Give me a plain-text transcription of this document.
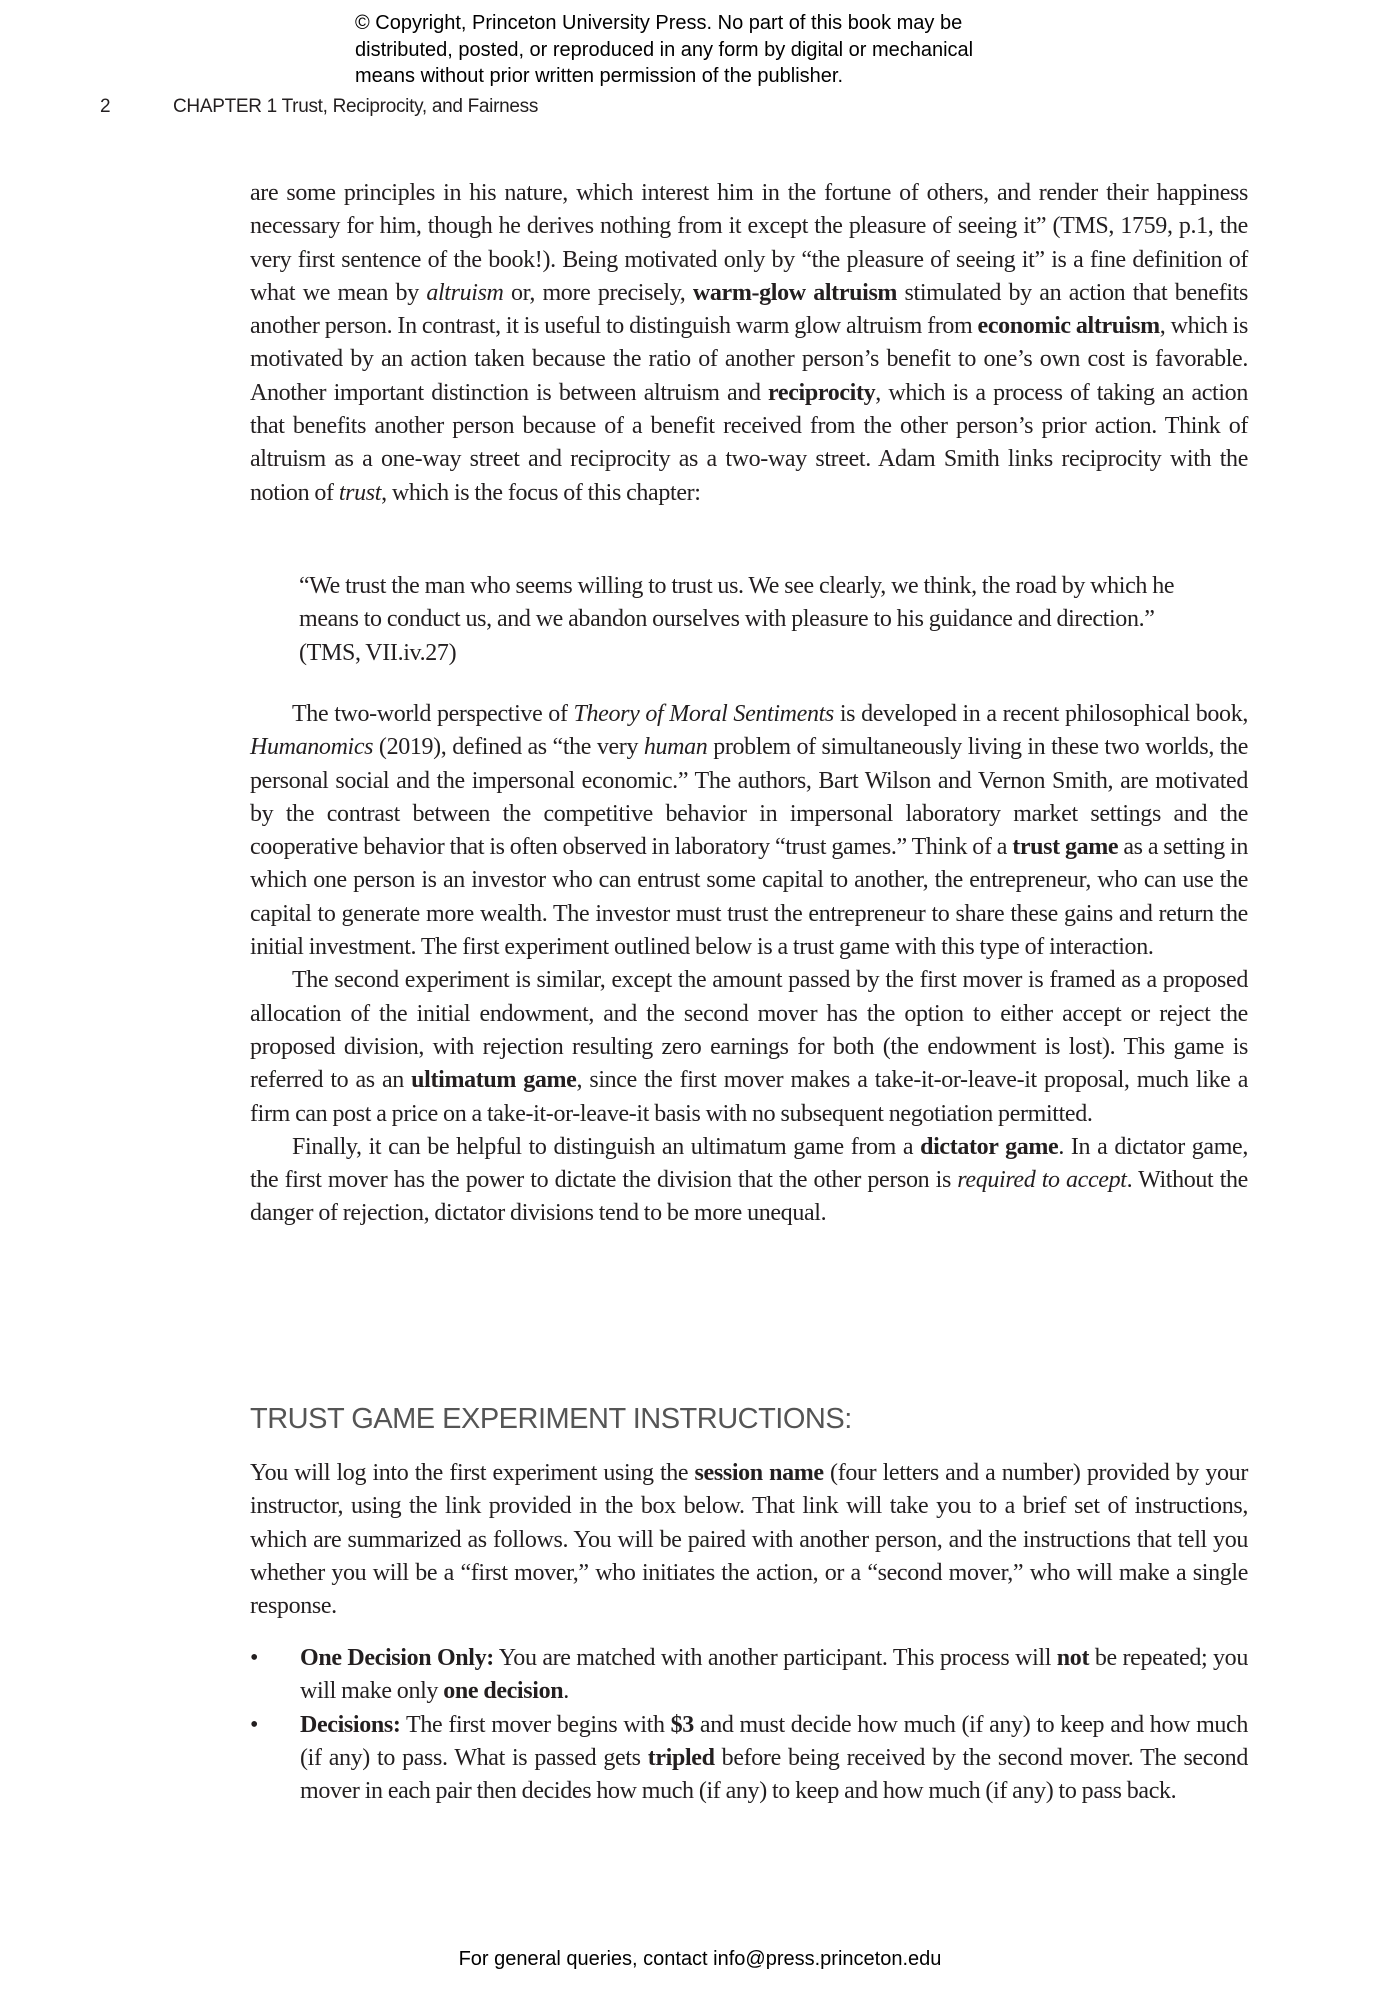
© Copyright, Princeton University Press. No part of this book may be
distributed, posted, or reproduced in any form by digital or mechanical
means without prior written permission of the publisher.
2	CHAPTER 1 Trust, Reciprocity, and Fairness

are some principles in his nature, which interest him in the fortune of others, and render their happiness necessary for him, though he derives nothing from it except the pleasure of seeing it” (TMS, 1759, p.1, the very first sentence of the book!). Being motivated only by “the pleasure of seeing it” is a fine definition of what we mean by altruism or, more precisely, warm-glow altruism stimulated by an action that benefits another person. In contrast, it is useful to distinguish warm glow altruism from economic altruism, which is motivated by an action taken because the ratio of another person’s benefit to one’s own cost is favorable. Another important distinction is between altruism and reciprocity, which is a process of taking an action that benefits another person because of a benefit received from the other person’s prior action. Think of altruism as a one-way street and reciprocity as a two-way street. Adam Smith links reciprocity with the notion of trust, which is the focus of this chapter:

“We trust the man who seems willing to trust us. We see clearly, we think, the road by which he means to conduct us, and we abandon ourselves with pleasure to his guidance and direction.” (TMS, VII.iv.27)

The two-world perspective of Theory of Moral Sentiments is developed in a recent philosophical book, Humanomics (2019), defined as “the very human problem of simultaneously living in these two worlds, the personal social and the impersonal economic.” The authors, Bart Wilson and Vernon Smith, are motivated by the contrast between the competitive behavior in impersonal laboratory market settings and the cooperative behavior that is often observed in laboratory “trust games.” Think of a trust game as a setting in which one person is an investor who can entrust some capital to another, the entrepreneur, who can use the capital to generate more wealth. The investor must trust the entrepreneur to share these gains and return the initial investment. The first experiment outlined below is a trust game with this type of interaction.

The second experiment is similar, except the amount passed by the first mover is framed as a proposed allocation of the initial endowment, and the second mover has the option to either accept or reject the proposed division, with rejection resulting zero earnings for both (the endowment is lost). This game is referred to as an ultimatum game, since the first mover makes a take-it-or-leave-it proposal, much like a firm can post a price on a take-it-or-leave-it basis with no subsequent negotiation permitted.

Finally, it can be helpful to distinguish an ultimatum game from a dictator game. In a dictator game, the first mover has the power to dictate the division that the other person is required to accept. Without the danger of rejection, dictator divisions tend to be more unequal.

TRUST GAME EXPERIMENT INSTRUCTIONS:

You will log into the first experiment using the session name (four letters and a number) provided by your instructor, using the link provided in the box below. That link will take you to a brief set of instructions, which are summarized as follows. You will be paired with another person, and the instructions that tell you whether you will be a “first mover,” who initiates the action, or a “second mover,” who will make a single response.

• One Decision Only: You are matched with another participant. This process will not be repeated; you will make only one decision.
• Decisions: The first mover begins with $3 and must decide how much (if any) to keep and how much (if any) to pass. What is passed gets tripled before being received by the second mover. The second mover in each pair then decides how much (if any) to keep and how much (if any) to pass back.
For general queries, contact info@press.princeton.edu
